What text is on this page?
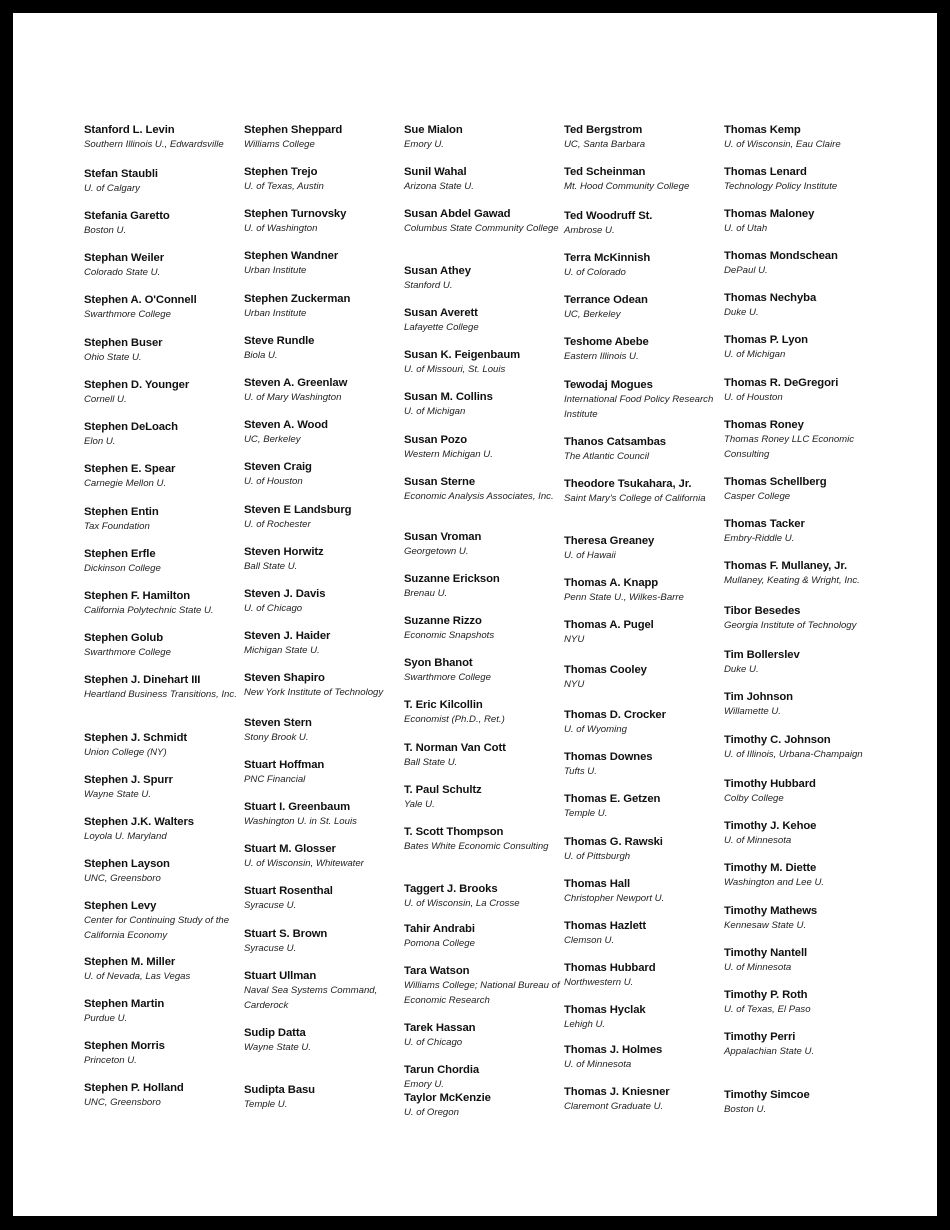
Stanford L. Levin
Southern Illinois U., Edwardsville
Stefan Staubli
U. of Calgary
Stefania Garetto
Boston U.
Stephan Weiler
Colorado State U.
Stephen A. O'Connell
Swarthmore College
Stephen Buser
Ohio State U.
Stephen D. Younger
Cornell U.
Stephen DeLoach
Elon U.
Stephen E. Spear
Carnegie Mellon U.
Stephen Entin
Tax Foundation
Stephen Erfle
Dickinson College
Stephen F. Hamilton
California Polytechnic State U.
Stephen Golub
Swarthmore College
Stephen J. Dinehart III
Heartland Business Transitions, Inc.
Stephen J. Schmidt
Union College (NY)
Stephen J. Spurr
Wayne State U.
Stephen J.K. Walters
Loyola U. Maryland
Stephen Layson
UNC, Greensboro
Stephen Levy
Center for Continuing Study of the California Economy
Stephen M. Miller
U. of Nevada, Las Vegas
Stephen Martin
Purdue U.
Stephen Morris
Princeton U.
Stephen P. Holland
UNC, Greensboro
Stephen Sheppard
Williams College
Stephen Trejo
U. of Texas, Austin
Stephen Turnovsky
U. of Washington
Stephen Wandner
Urban Institute
Stephen Zuckerman
Urban Institute
Steve Rundle
Biola U.
Steven A. Greenlaw
U. of Mary Washington
Steven A. Wood
UC, Berkeley
Steven Craig
U. of Houston
Steven E Landsburg
U. of Rochester
Steven Horwitz
Ball State U.
Steven J. Davis
U. of Chicago
Steven J. Haider
Michigan State U.
Steven Shapiro
New York Institute of Technology
Steven Stern
Stony Brook U.
Stuart Hoffman
PNC Financial
Stuart I. Greenbaum
Washington U. in St. Louis
Stuart M. Glosser
U. of Wisconsin, Whitewater
Stuart Rosenthal
Syracuse U.
Stuart S. Brown
Syracuse U.
Stuart Ullman
Naval Sea Systems Command, Carderock
Sudip Datta
Wayne State U.
Sudipta Basu
Temple U.
Sue Mialon
Emory U.
Sunil Wahal
Arizona State U.
Susan Abdel Gawad
Columbus State Community College
Susan Athey
Stanford U.
Susan Averett
Lafayette College
Susan K. Feigenbaum
U. of Missouri, St. Louis
Susan M. Collins
U. of Michigan
Susan Pozo
Western Michigan U.
Susan Sterne
Economic Analysis Associates, Inc.
Susan Vroman
Georgetown U.
Suzanne Erickson
Brenau U.
Suzanne Rizzo
Economic Snapshots
Syon Bhanot
Swarthmore College
T. Eric Kilcollin
Economist (Ph.D., Ret.)
T. Norman Van Cott
Ball State U.
T. Paul Schultz
Yale U.
T. Scott Thompson
Bates White Economic Consulting
Taggert J. Brooks
U. of Wisconsin, La Crosse
Tahir Andrabi
Pomona College
Tara Watson
Williams College; National Bureau of Economic Research
Tarek Hassan
U. of Chicago
Tarun Chordia
Emory U.
Taylor McKenzie
U. of Oregon
Ted Bergstrom
UC, Santa Barbara
Ted Scheinman
Mt. Hood Community College
Ted Woodruff St.
Ambrose U.
Terra McKinnish
U. of Colorado
Terrance Odean
UC, Berkeley
Teshome Abebe
Eastern Illinois U.
Tewodaj Mogues
International Food Policy Research Institute
Thanos Catsambas
The Atlantic Council
Theodore Tsukahara, Jr.
Saint Mary's College of California
Theresa Greaney
U. of Hawaii
Thomas A. Knapp
Penn State U., Wilkes-Barre
Thomas A. Pugel
NYU
Thomas Cooley
NYU
Thomas D. Crocker
U. of Wyoming
Thomas Downes
Tufts U.
Thomas E. Getzen
Temple U.
Thomas G. Rawski
U. of Pittsburgh
Thomas Hall
Christopher Newport U.
Thomas Hazlett
Clemson U.
Thomas Hubbard
Northwestern U.
Thomas Hyclak
Lehigh U.
Thomas J. Holmes
U. of Minnesota
Thomas J. Kniesner
Claremont Graduate U.
Thomas Kemp
U. of Wisconsin, Eau Claire
Thomas Lenard
Technology Policy Institute
Thomas Maloney
U. of Utah
Thomas Mondschean
DePaul U.
Thomas Nechyba
Duke U.
Thomas P. Lyon
U. of Michigan
Thomas R. DeGregori
U. of Houston
Thomas Roney
Thomas Roney LLC Economic Consulting
Thomas Schellberg
Casper College
Thomas Tacker
Embry-Riddle U.
Thomas F. Mullaney, Jr.
Mullaney, Keating & Wright, Inc.
Tibor Besedes
Georgia Institute of Technology
Tim Bollerslev
Duke U.
Tim Johnson
Willamette U.
Timothy C. Johnson
U. of Illinois, Urbana-Champaign
Timothy Hubbard
Colby College
Timothy J. Kehoe
U. of Minnesota
Timothy M. Diette
Washington and Lee U.
Timothy Mathews
Kennesaw State U.
Timothy Nantell
U. of Minnesota
Timothy P. Roth
U. of Texas, El Paso
Timothy Perri
Appalachian State U.
Timothy Simcoe
Boston U.
